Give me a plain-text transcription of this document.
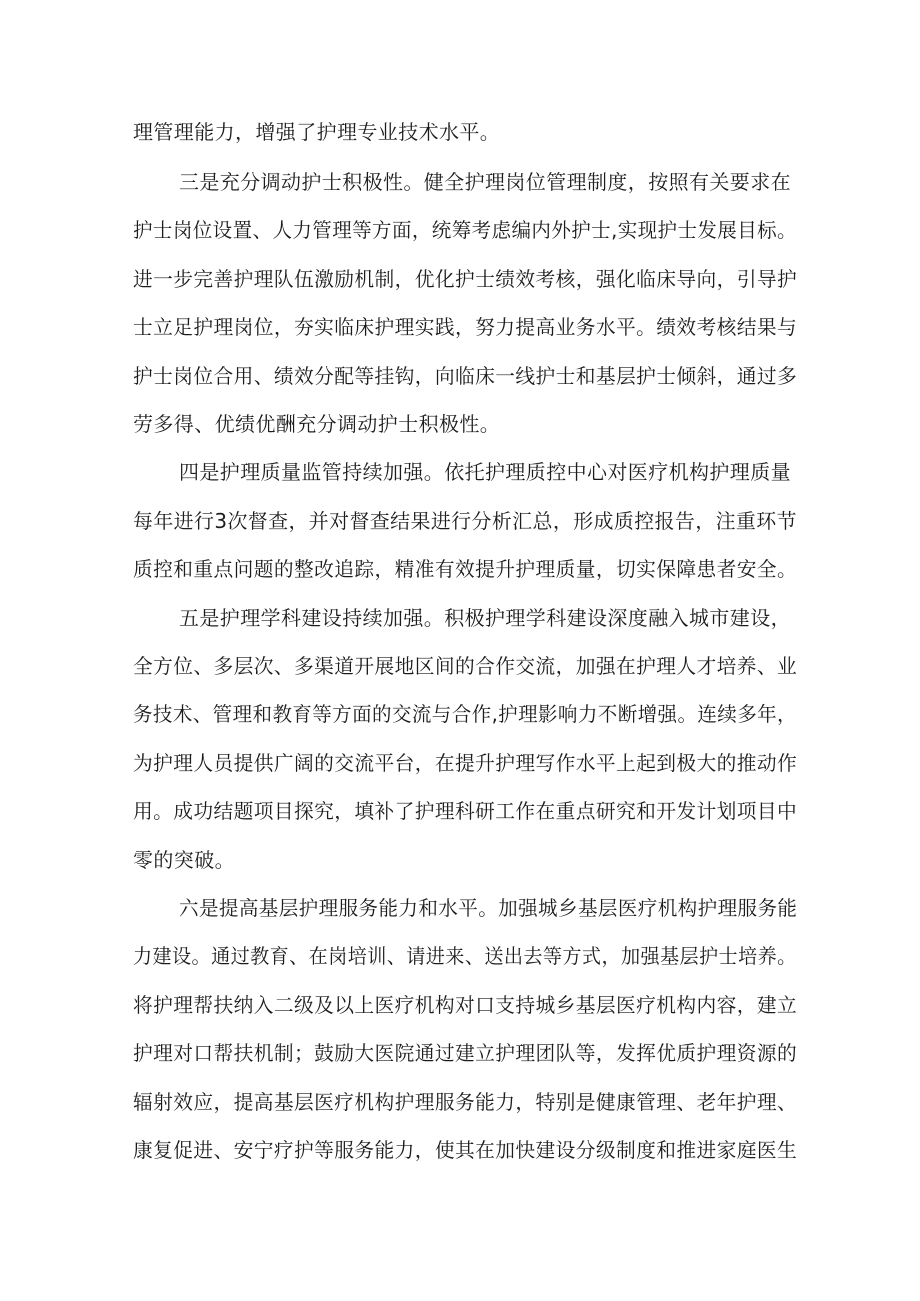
理管理能力，增强了护理专业技术水平。
三是充分调动护士积极性。健全护理岗位管理制度，按照有关要求在
护士岗位设置、人力管理等方面，统筹考虑编内外护士,实现护士发展目标。
进一步完善护理队伍激励机制，优化护士绩效考核，强化临床导向，引导护
士立足护理岗位，夯实临床护理实践，努力提高业务水平。绩效考核结果与
护士岗位合用、绩效分配等挂钩，向临床一线护士和基层护士倾斜，通过多
劳多得、优绩优酬充分调动护士积极性。
四是护理质量监管持续加强。依托护理质控中心对医疗机构护理质量
每年进行3次督查，并对督查结果进行分析汇总，形成质控报告，注重环节
质控和重点问题的整改追踪，精准有效提升护理质量，切实保障患者安全。
五是护理学科建设持续加强。积极护理学科建设深度融入城市建设，
全方位、多层次、多渠道开展地区间的合作交流，加强在护理人才培养、业
务技术、管理和教育等方面的交流与合作,护理影响力不断增强。连续多年，
为护理人员提供广阔的交流平台，在提升护理写作水平上起到极大的推动作
用。成功结题项目探究，填补了护理科研工作在重点研究和开发计划项目中
零的突破。
六是提高基层护理服务能力和水平。加强城乡基层医疗机构护理服务能
力建设。通过教育、在岗培训、请进来、送出去等方式，加强基层护士培养。
将护理帮扶纳入二级及以上医疗机构对口支持城乡基层医疗机构内容，建立
护理对口帮扶机制；鼓励大医院通过建立护理团队等，发挥优质护理资源的
辐射效应，提高基层医疗机构护理服务能力，特别是健康管理、老年护理、
康复促进、安宁疗护等服务能力，使其在加快建设分级制度和推进家庭医生
